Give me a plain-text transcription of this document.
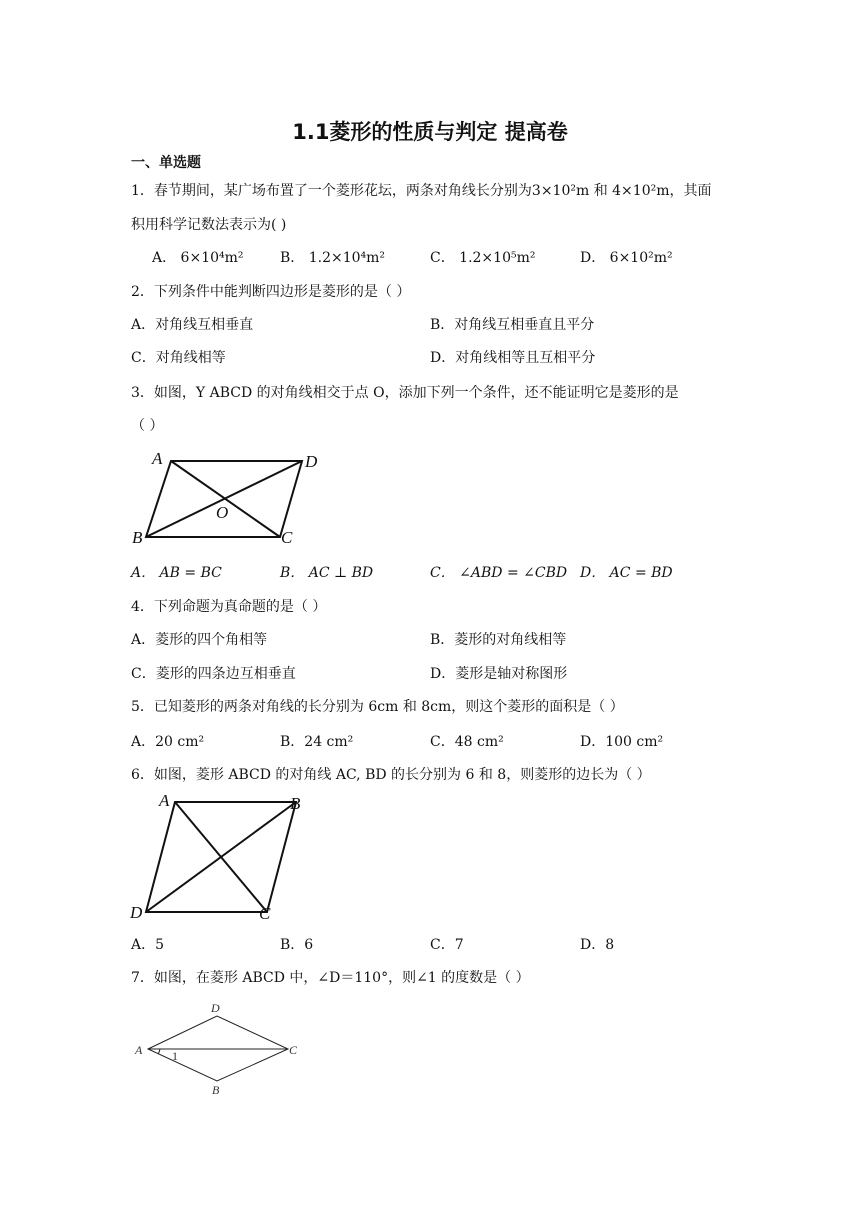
1.1菱形的性质与判定 提高卷
一、单选题
1．春节期间，某广场布置了一个菱形花坛，两条对角线长分别为3×10²m 和 4×10²m，其面
积用科学记数法表示为( )
A． 6×10⁴m²	B． 1.2×10⁴m²	C． 1.2×10⁵m²	D． 6×10²m²
2．下列条件中能判断四边形是菱形的是（ ）
A．对角线互相垂直	B．对角线互相垂直且平分
C．对角线相等	D．对角线相等且互相平分
3．如图，Y ABCD 的对角线相交于点 O，添加下列一个条件，还不能证明它是菱形的是
（ ）
A	D
B	C
O
A． AB = BC	B． AC ⊥ BD	C． ∠ABD = ∠CBD D． AC = BD
4．下列命题为真命题的是（ ）
A．菱形的四个角相等	B．菱形的对角线相等
C．菱形的四条边互相垂直	D．菱形是轴对称图形
5．已知菱形的两条对角线的长分别为 6cm 和 8cm，则这个菱形的面积是（ ）
A．20 cm²	B．24 cm²	C．48 cm²	D．100 cm²
6．如图，菱形 ABCD 的对角线 AC, BD 的长分别为 6 和 8，则菱形的边长为（ ）
A	B
D	C
A．5	B．6	C．7	D．8
7．如图，在菱形 ABCD 中，∠D＝110°，则∠1 的度数是（ ）
D
A	C
B
1
